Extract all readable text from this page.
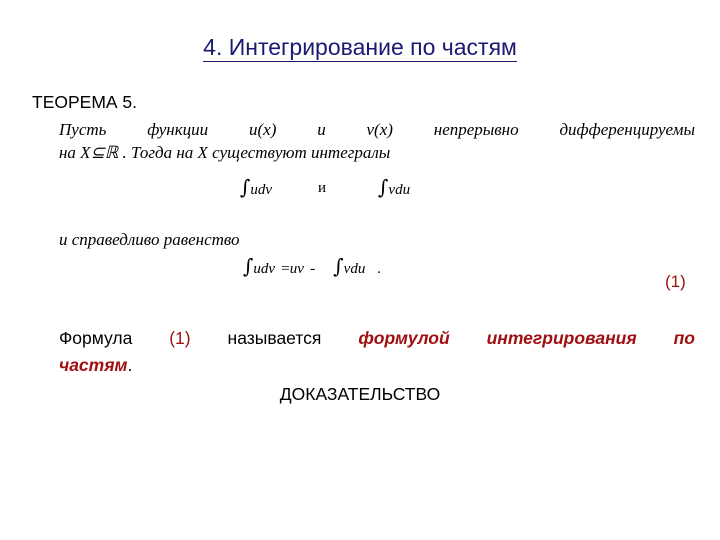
4. Интегрирование по частям
ТЕОРЕМА 5.
Пусть функции u(x) и v(x) непрерывно дифференцируемы
на X⊆ℝ . Тогда на X существуют интегралы
∫udv	и	∫vdu
и справедливо равенство
∫udv =uv - ∫vdu .
(1)
Формула (1) называется формулой интегрирования по
частям.
ДОКАЗАТЕЛЬСТВО
